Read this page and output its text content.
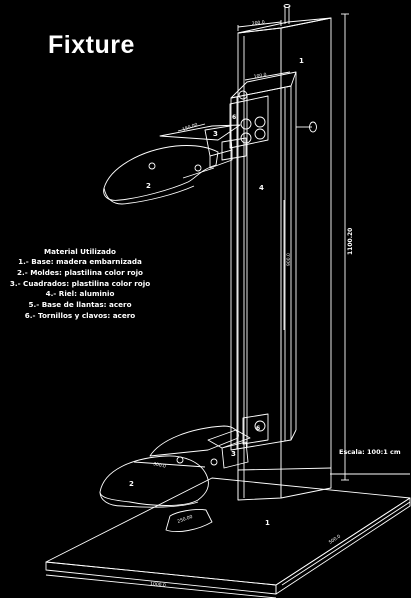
1
4
3
2
6
6
3
2
1
200.0
100.0
1100.20
900.0
150.00
300.0
250.00
1000.0
500.0
Fixture
Material Utilizado
1.- Base: madera embarnizada
2.- Moldes: plastilina color rojo
3.- Cuadrados: plastilina color rojo
4.- Riel: aluminio
5.- Base de llantas: acero
6.- Tornillos y clavos: acero
Escala: 100:1 cm
